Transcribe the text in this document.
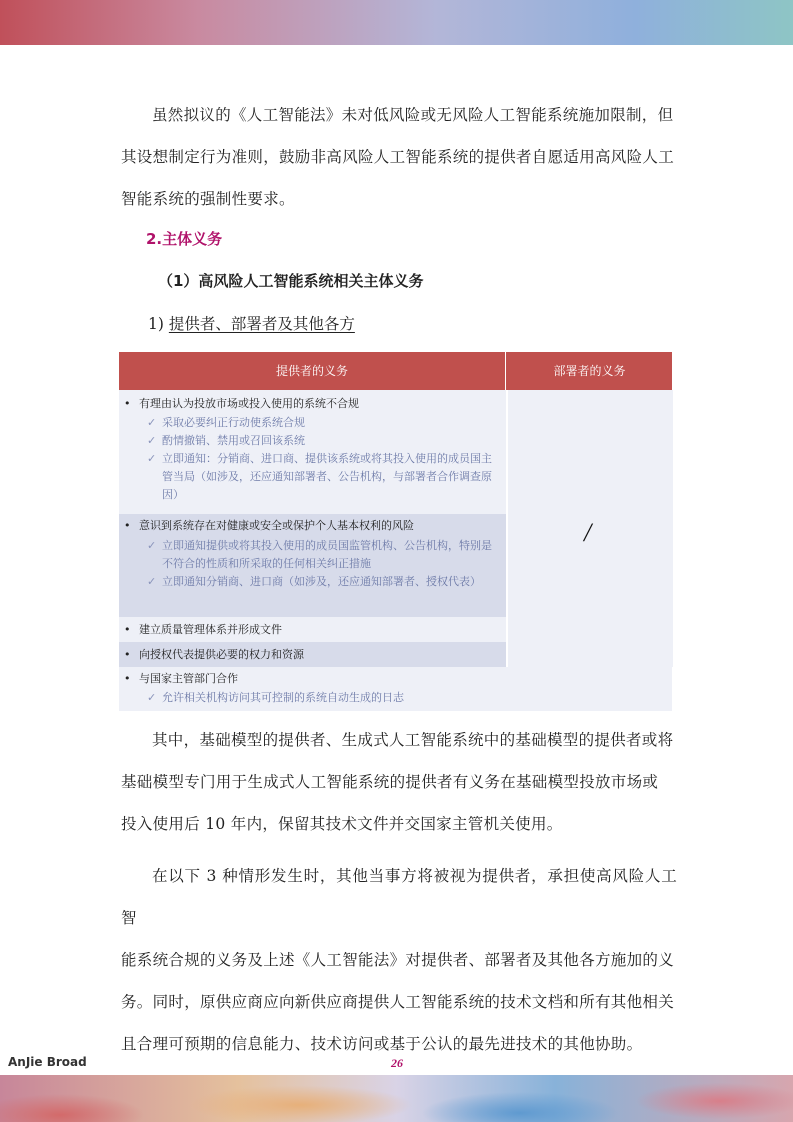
虽然拟议的《人工智能法》未对低风险或无风险人工智能系统施加限制，但
其设想制定行为准则，鼓励非高风险人工智能系统的提供者自愿适用高风险人工
智能系统的强制性要求。
2.主体义务
（1）高风险人工智能系统相关主体义务
1) 提供者、部署者及其他各方
提供者的义务	部署者的义务
/
• 有理由认为投放市场或投入使用的系统不合规
✓ 采取必要纠正行动使系统合规
✓ 酌情撤销、禁用或召回该系统
✓ 立即通知：分销商、进口商、提供该系统或将其投入使用的成员国主管当局（如涉及，还应通知部署者、公告机构，与部署者合作调查原因）
• 意识到系统存在对健康或安全或保护个人基本权利的风险
✓ 立即通知提供或将其投入使用的成员国监管机构、公告机构，特别是不符合的性质和所采取的任何相关纠正措施
✓ 立即通知分销商、进口商（如涉及，还应通知部署者、授权代表）
• 建立质量管理体系并形成文件
• 向授权代表提供必要的权力和资源
• 与国家主管部门合作
✓ 允许相关机构访问其可控制的系统自动生成的日志
其中，基础模型的提供者、生成式人工智能系统中的基础模型的提供者或将
基础模型专门用于生成式人工智能系统的提供者有义务在基础模型投放市场或
投入使用后 10 年内，保留其技术文件并交国家主管机关使用。
在以下 3 种情形发生时，其他当事方将被视为提供者，承担使高风险人工智
能系统合规的义务及上述《人工智能法》对提供者、部署者及其他各方施加的义
务。同时，原供应商应向新供应商提供人工智能系统的技术文档和所有其他相关
且合理可预期的信息能力、技术访问或基于公认的最先进技术的其他协助。
AnJie Broad	26
